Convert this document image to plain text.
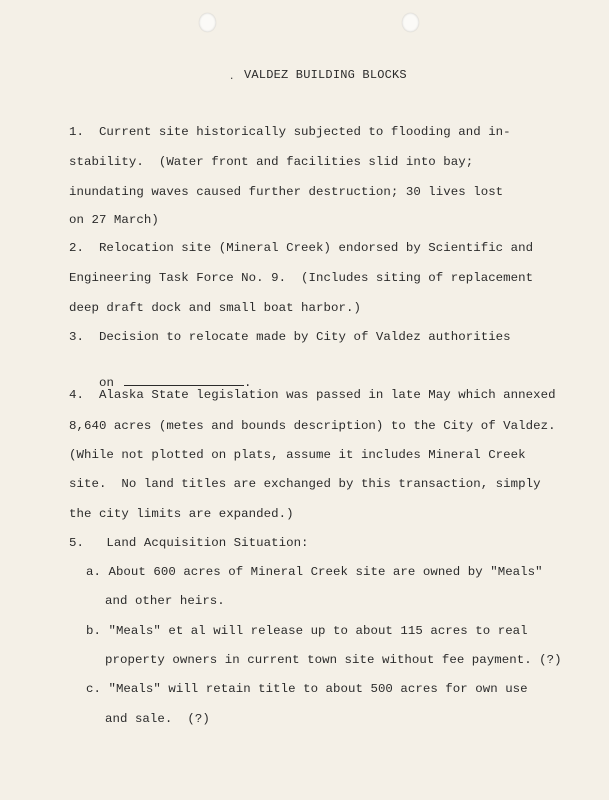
. VALDEZ BUILDING BLOCKS
1.  Current site historically subjected to flooding and in-
stability.  (Water front and facilities slid into bay;
inundating waves caused further destruction; 30 lives lost
on 27 March)
2.  Relocation site (Mineral Creek) endorsed by Scientific and
Engineering Task Force No. 9.  (Includes siting of replacement
deep draft dock and small boat harbor.)
3.  Decision to relocate made by City of Valdez authorities

on	.

4.  Alaska State legislation was passed in late May which annexed
8,640 acres (metes and bounds description) to the City of Valdez.
(While not plotted on plats, assume it includes Mineral Creek
site.  No land titles are exchanged by this transaction, simply
the city limits are expanded.)
5.   Land Acquisition Situation:
a. About 600 acres of Mineral Creek site are owned by "Meals"
and other heirs.
b. "Meals" et al will release up to about 115 acres to real
property owners in current town site without fee payment. (?)
c. "Meals" will retain title to about 500 acres for own use
and sale.  (?)
